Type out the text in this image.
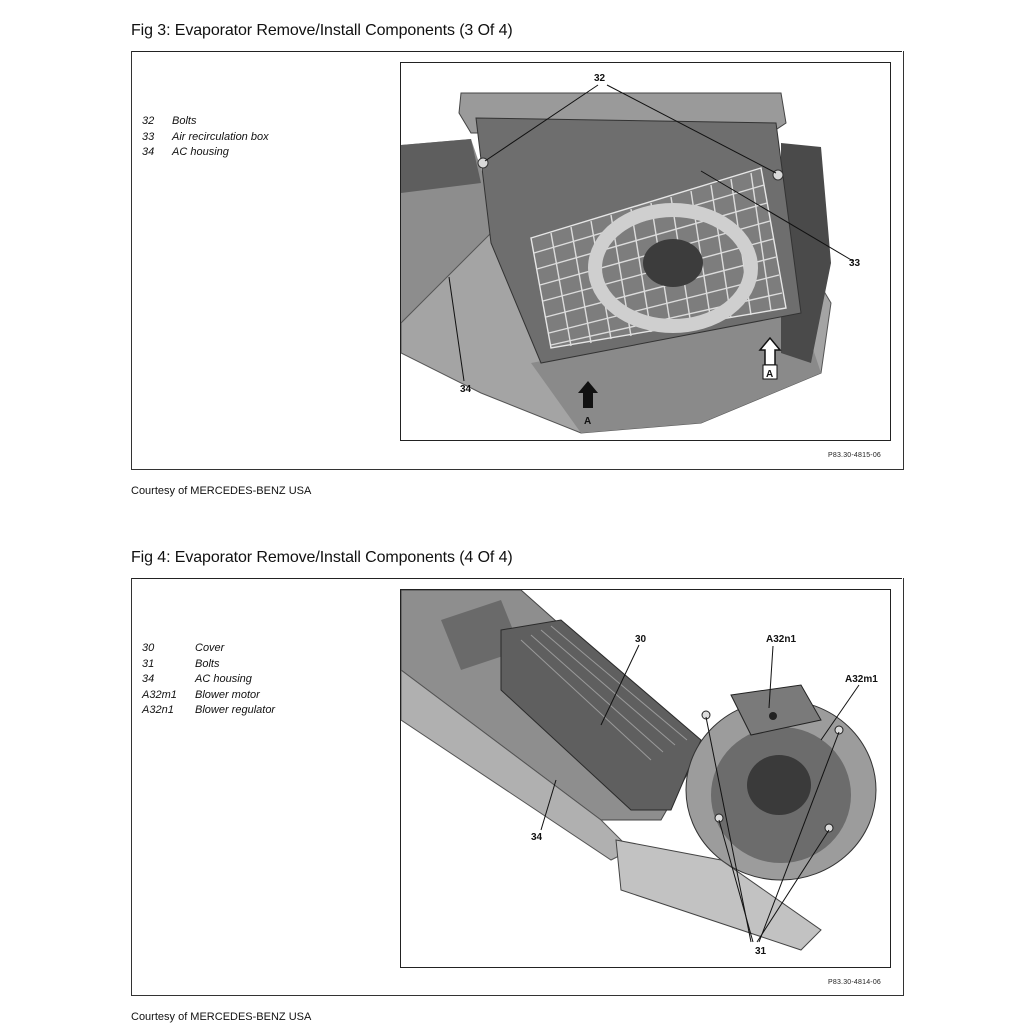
Fig 3: Evaporator Remove/Install Components (3 Of 4)
32	Bolts
33	Air recirculation box
34	AC housing
32
33
34
A
A
P83.30-4815-06
Courtesy of MERCEDES-BENZ USA
Fig 4: Evaporator Remove/Install Components (4 Of 4)
30	Cover
31	Bolts
34	AC housing
A32m1	Blower motor
A32n1	Blower regulator
30	A32n1
A32m1
34
31
P83.30-4814-06
Courtesy of MERCEDES-BENZ USA
